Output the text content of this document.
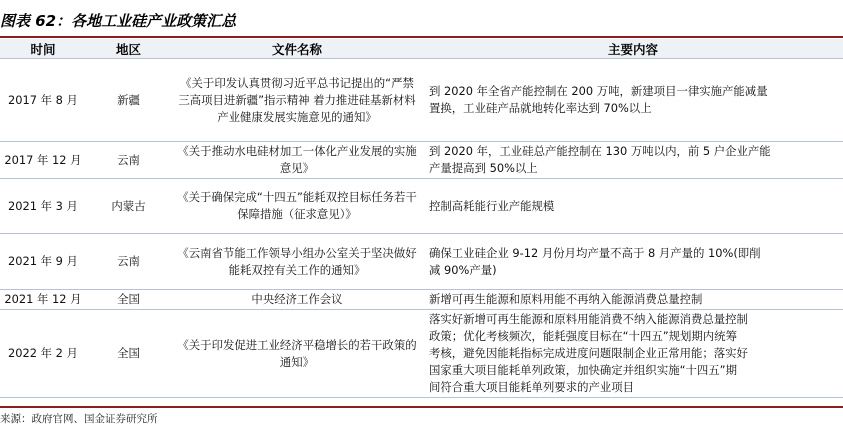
图表 62：各地工业硅产业政策汇总
时间	地区	文件名称	主要内容
2017 年 8 月	新疆	《关于印发认真贯彻习近平总书记提出的“严禁三高项目进新疆”指示精神 着力推进硅基新材料产业健康发展实施意见的通知》	到 2020 年全省产能控制在 200 万吨，新建项目一律实施产能减量
置换，工业硅产品就地转化率达到 70%以上

2017 年 12 月	云南	《关于推动水电硅材加工一体化产业发展的实施意见》	到 2020 年，工业硅总产能控制在 130 万吨以内，前 5 户企业产能
产量提高到 50%以上

2021 年 3 月	内蒙古	《关于确保完成“十四五”能耗双控目标任务若干保障措施（征求意见）》	控制高耗能行业产能规模

2021 年 9 月	云南	《云南省节能工作领导小组办公室关于坚决做好能耗双控有关工作的通知》	确保工业硅企业 9-12 月份月均产量不高于 8 月产量的 10%(即削
减 90%产量)

2021 年 12 月	全国	中央经济工作会议	新增可再生能源和原料用能不再纳入能源消费总量控制

2022 年 2 月	全国	《关于印发促进工业经济平稳增长的若干政策的通知》	落实好新增可再生能源和原料用能消费不纳入能源消费总量控制
政策；优化考核频次，能耗强度目标在“十四五”规划期内统筹
考核，避免因能耗指标完成进度问题限制企业正常用能；落实好
国家重大项目能耗单列政策，加快确定并组织实施“十四五”期
间符合重大项目能耗单列要求的产业项目
来源：政府官网、国金证券研究所
